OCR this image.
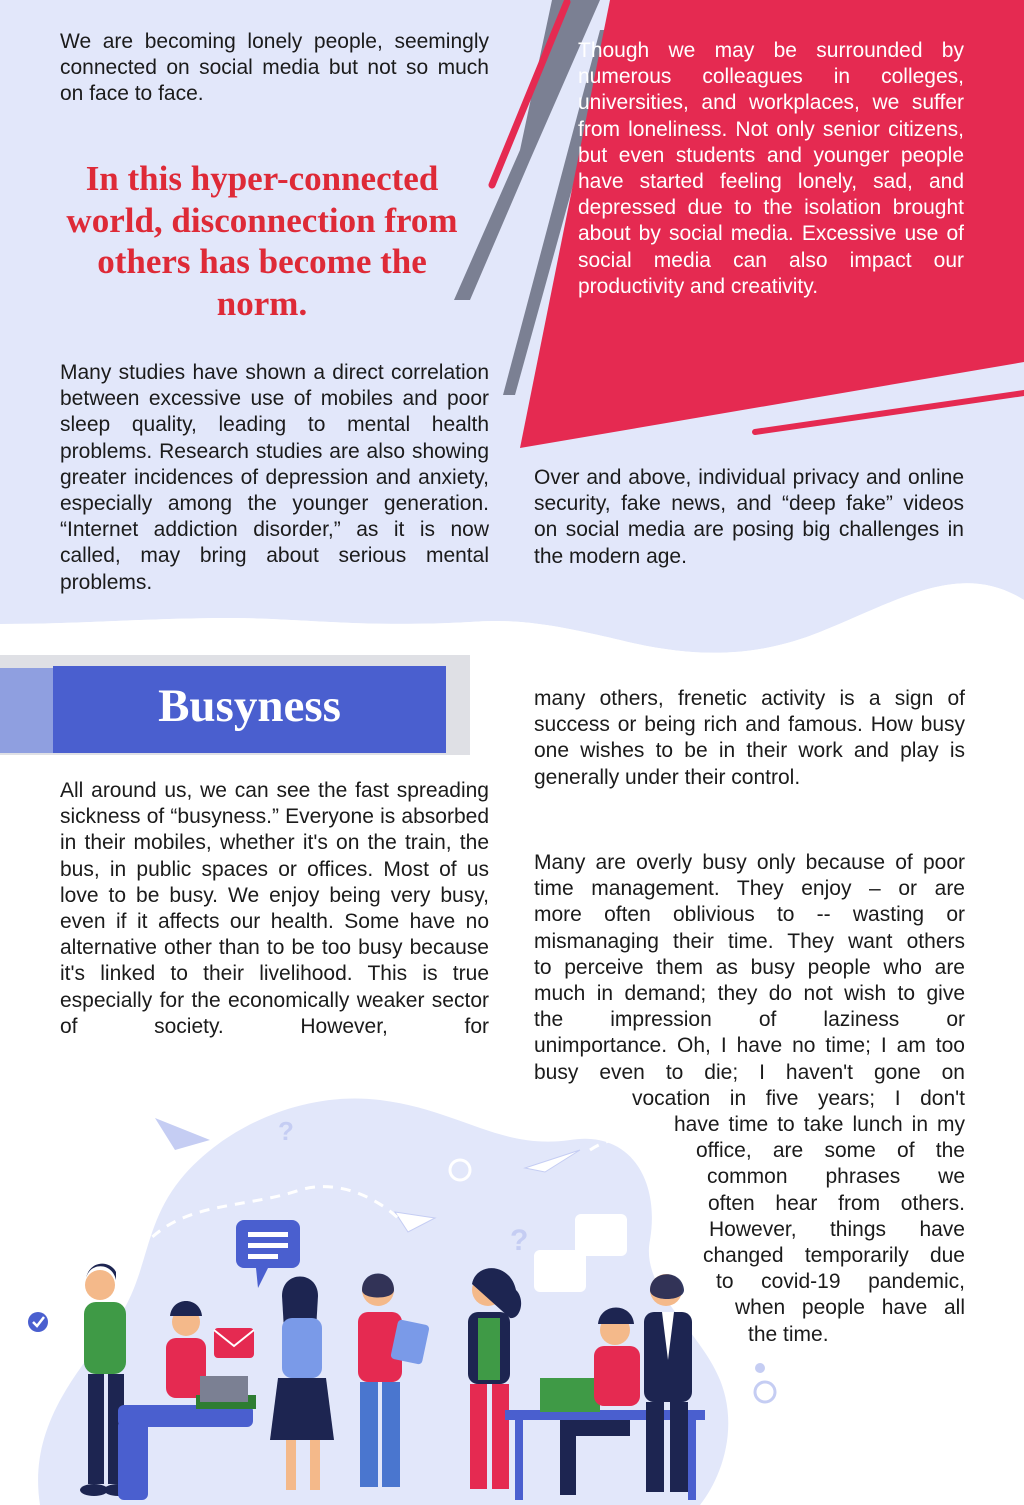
?
?
We are becoming lonely people, seemingly connected on social media but not so much on face to face.
In this hyper-connected world, disconnection from others has become the norm.
Many studies have shown a direct correlation between excessive use of mobiles and poor sleep quality, leading to mental health problems. Research studies are also showing greater incidences of depression and anxiety, especially among the younger generation. “Internet addiction disorder,” as it is now called, may bring about serious mental problems.
Though we may be surrounded by numerous colleagues in colleges, universities, and workplaces, we suffer from loneliness. Not only senior citizens, but even students and younger people have started feeling lonely, sad, and depressed due to the isolation brought about by social media. Excessive use of social media can also impact our productivity and creativity.
Over and above, individual privacy and online security, fake news, and “deep fake” videos on social media are posing big challenges in the modern age.
Busyness
All around us, we can see the fast spreading sickness of “busyness.” Everyone is absorbed in their mobiles, whether it's on the train, the bus, in public spaces or offices. Most of us love to be busy. We enjoy being very busy, even if it affects our health. Some have no alternative other than to be too busy because it's linked to their livelihood. This is true especially for the economically weaker sector of society. However, for
many others, frenetic activity is a sign of success or being rich and famous. How busy one wishes to be in their work and play is generally under their control.
Many are overly busy only because of poor
time management. They enjoy – or are
more often oblivious to -- wasting or
mismanaging their time. They want others
to perceive them as busy people who are
much in demand; they do not wish to give
the impression of laziness or
unimportance. Oh, I have no time; I am too
busy even to die; I haven't gone on
vocation in five years; I don't
have time to take lunch in my
office, are some of the
common phrases we
often hear from others.
However, things have
changed temporarily due
to covid-19 pandemic,
when people have all
the time.
